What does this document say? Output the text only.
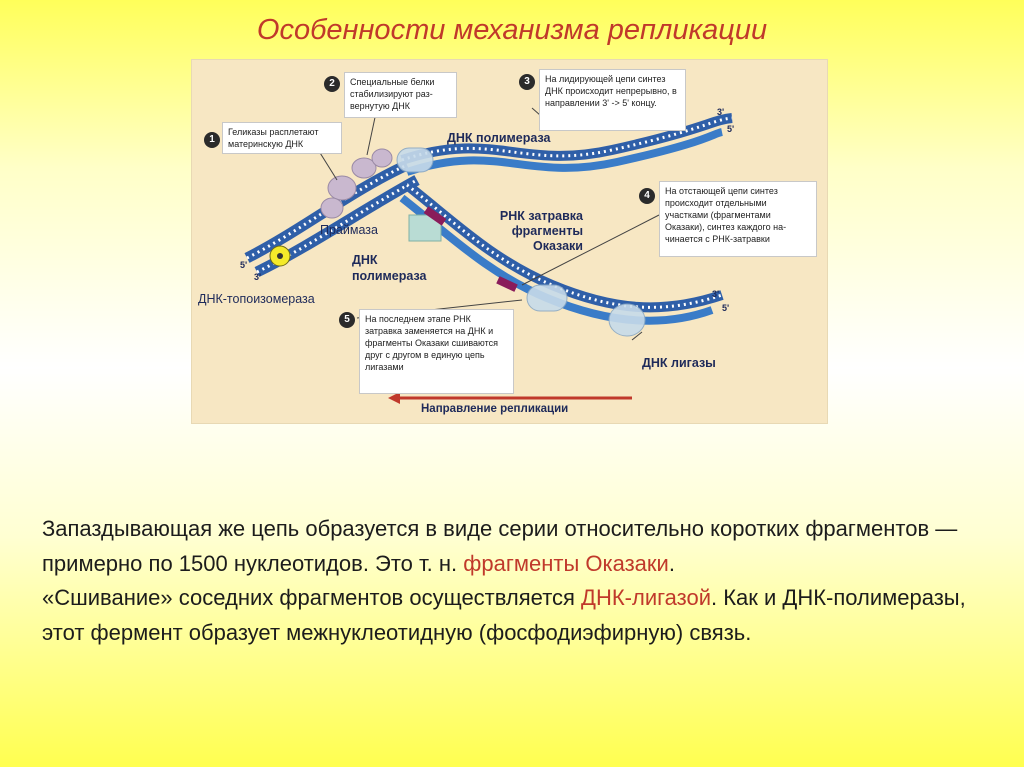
Особенности механизма репликации
Геликазы расплетают материнскую ДНК
1
Специальные белки стабилизируют раз-вернутую ДНК
2	На лидирующей цепи синтез ДНК происходит непрерывно, в направлении 3' -> 5' концу.
3
На отстающей цепи синтез происходит отдельными участками (фрагментами Оказаки), синтез каждого на-чинается с РНК-затравки
4
На последнем этапе РНК затравка заменяется на ДНК и фрагменты Оказаки сшиваются друг с другом в единую цепь лигазами
5
ДНК полимераза
Праймаза
РНК затравка
фрагменты Оказаки
ДНК полимераза
ДНК-топоизомераза
ДНК лигазы
Направление репликации
5'
3'
3'
5'
3'
5'
Запаздывающая же цепь образуется в виде серии относительно коротких фрагментов — примерно по 1500 нуклеотидов. Это т. н. фрагменты Оказаки.
«Сшивание» соседних фрагментов осуществляется ДНК-лигазой. Как и ДНК-полимеразы, этот фермент образует межнуклеотидную (фосфодиэфирную) связь.
